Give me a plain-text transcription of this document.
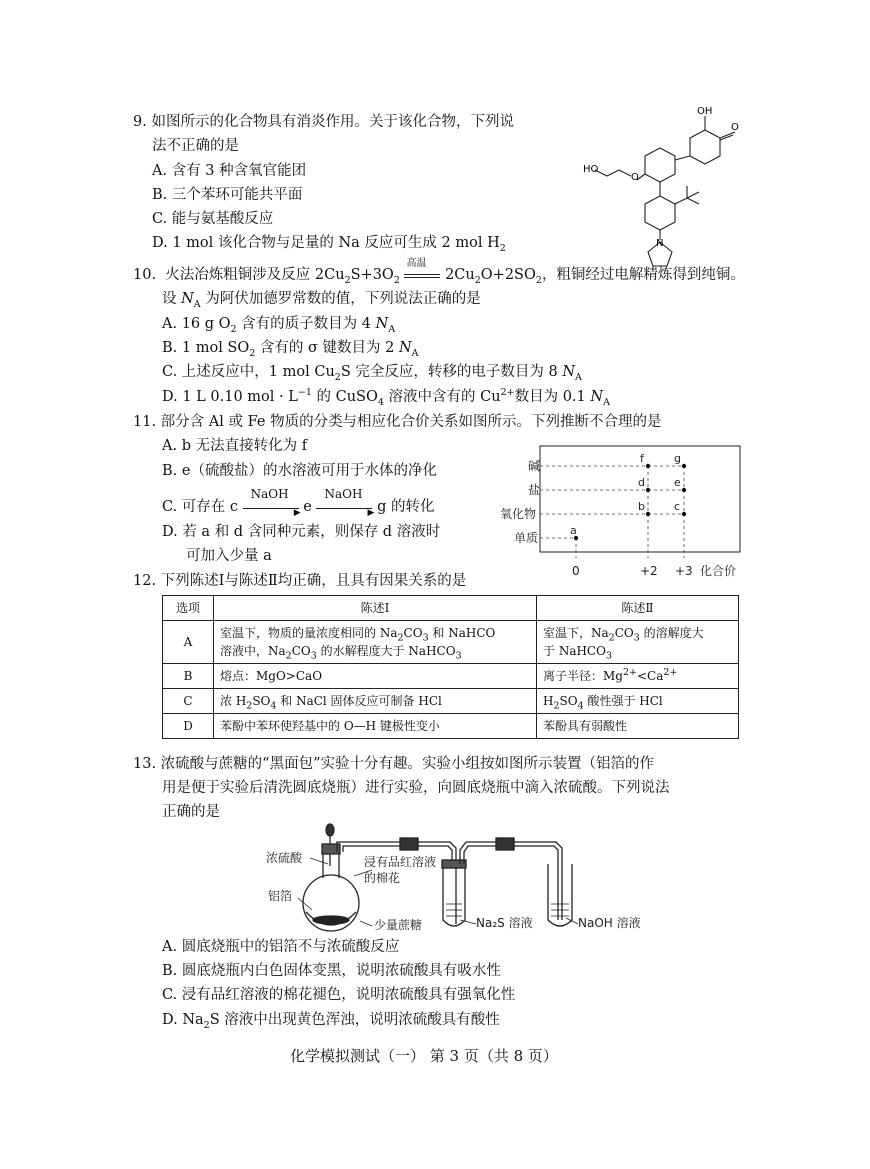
9. 如图所示的化合物具有消炎作用。关于该化合物，下列说
法不正确的是
A. 含有 3 种含氧官能团
B. 三个苯环可能共平面
C. 能与氨基酸反应
D. 1 mol 该化合物与足量的 Na 反应可生成 2 mol $H_2$
OH
O
HO
O
N
10. 火法冶炼粗铜涉及反应 $2Cu_2S+3O_2$
高温
$2Cu_2O+2SO_2$，粗铜经过电解精炼得到纯铜。
设 $N_A$ 为阿伏加德罗常数的值，下列说法正确的是
A. 16 g $O_2$ 含有的质子数目为 4 $N_A$
B. 1 mol $SO_2$ 含有的 σ 键数目为 2 $N_A$
C. 上述反应中，1 mol $Cu_2S$ 完全反应，转移的电子数目为 8 $N_A$
D. 1 L 0.10 mol · $L^{-1}$ 的 CuSO$_4$ 溶液中含有的 $Cu^{2+}$数目为 0.1 $N_A$
11. 部分含 Al 或 Fe 物质的分类与相应化合价关系如图所示。下列推断不合理的是
A. b 无法直接转化为 f
B. e（硫酸盐）的水溶液可用于水体的净化
C. 可存在 c
NaOH
▶ e
NaOH
▶ g 的转化
D. 若 a 和 d 含同种元素，则保存 d 溶液时
可加入少量 a
碱
盐
氧化物
单质
0	+2 +3 化合价
a
b	c
d	e
f	g
12. 下列陈述Ⅰ与陈述Ⅱ均正确，且具有因果关系的是
选项	陈述Ⅰ	陈述Ⅱ
A	室温下，物质的量浓度相同的 $Na_2CO_3$ 和 NaHCO
溶液中，$Na_2CO_3$ 的水解程度大于 NaHCO$_3$	室温下，$Na_2CO_3$ 的溶解度大
于 NaHCO$_3$
B	熔点：MgO>CaO	离子半径：$Mg^{2+}<Ca^{2+}$
C	浓 $H_2SO_4$ 和 NaCl 固体反应可制备 HCl	$H_2SO_4$ 酸性强于 HCl
D	苯酚中苯环使羟基中的 O—H 键极性变小	苯酚具有弱酸性
13. 浓硫酸与蔗糖的“黑面包”实验十分有趣。实验小组按如图所示装置（铝箔的作
用是便于实验后清洗圆底烧瓶）进行实验，向圆底烧瓶中滴入浓硫酸。下列说法
正确的是
浓硫酸
铝箔
浸有品红溶液
的棉花
少量蔗糖	Na₂S 溶液	NaOH 溶液
A. 圆底烧瓶中的铝箔不与浓硫酸反应
B. 圆底烧瓶内白色固体变黑，说明浓硫酸具有吸水性
C. 浸有品红溶液的棉花褪色，说明浓硫酸具有强氧化性
D. $Na_2S$ 溶液中出现黄色浑浊，说明浓硫酸具有酸性
化学模拟测试（一） 第 3 页（共 8 页）
